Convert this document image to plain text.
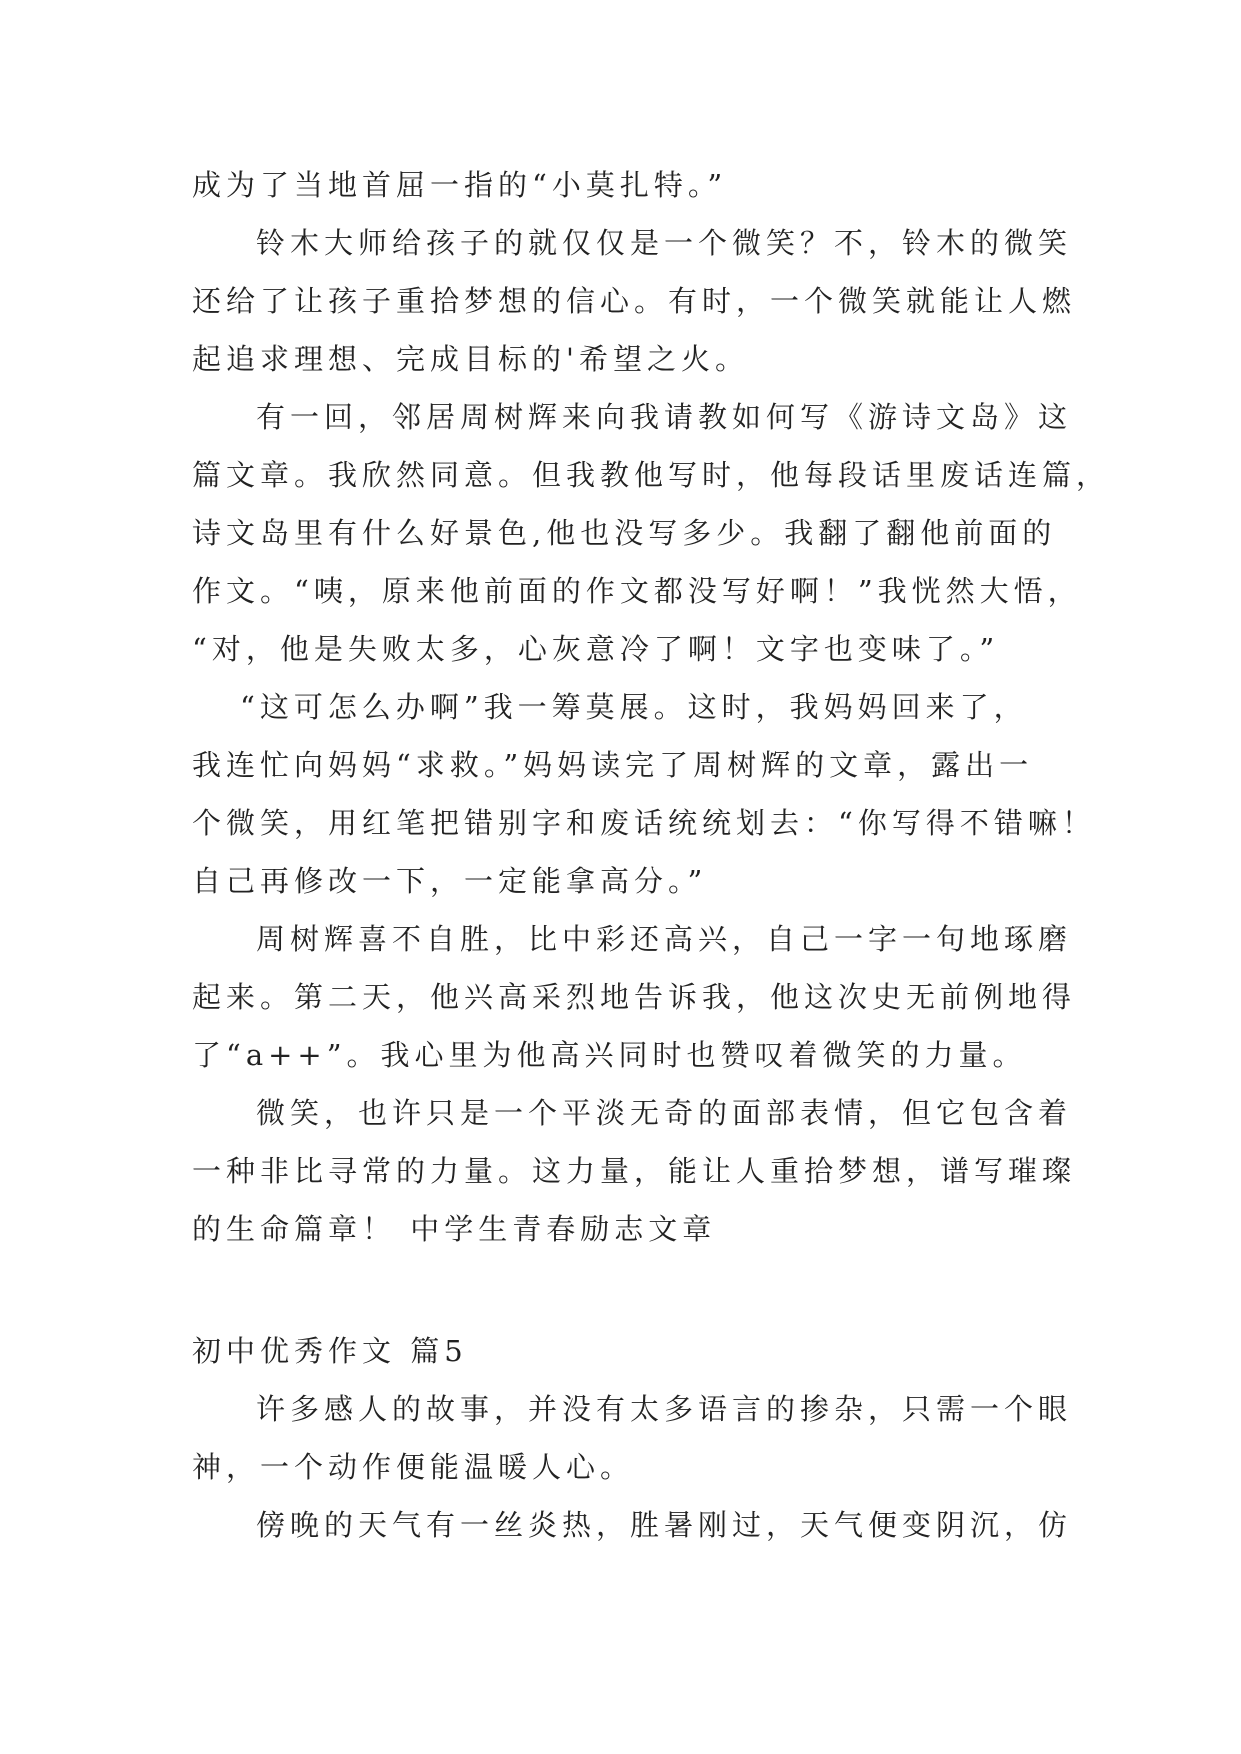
成为了当地首屈一指的“小莫扎特。”
铃木大师给孩子的就仅仅是一个微笑？不，铃木的微笑
还给了让孩子重拾梦想的信心。有时，一个微笑就能让人燃
起追求理想、完成目标的'希望之火。
有一回，邻居周树辉来向我请教如何写《游诗文岛》这
篇文章。我欣然同意。但我教他写时，他每段话里废话连篇，
诗文岛里有什么好景色,他也没写多少。我翻了翻他前面的
作文。“咦，原来他前面的作文都没写好啊！”我恍然大悟，
“对，他是失败太多，心灰意冷了啊！文字也变味了。”
“这可怎么办啊”我一筹莫展。这时，我妈妈回来了，
我连忙向妈妈“求救。”妈妈读完了周树辉的文章，露出一
个微笑，用红笔把错别字和废话统统划去：“你写得不错嘛！
自己再修改一下，一定能拿高分。”
周树辉喜不自胜，比中彩还高兴，自己一字一句地琢磨
起来。第二天，他兴高采烈地告诉我，他这次史无前例地得
了“a++”。我心里为他高兴同时也赞叹着微笑的力量。
微笑，也许只是一个平淡无奇的面部表情，但它包含着
一种非比寻常的力量。这力量，能让人重拾梦想，谱写璀璨
的生命篇章！ 中学生青春励志文章
初中优秀作文 篇5
许多感人的故事，并没有太多语言的掺杂，只需一个眼
神，一个动作便能温暖人心。
傍晚的天气有一丝炎热，胜暑刚过，天气便变阴沉，仿
